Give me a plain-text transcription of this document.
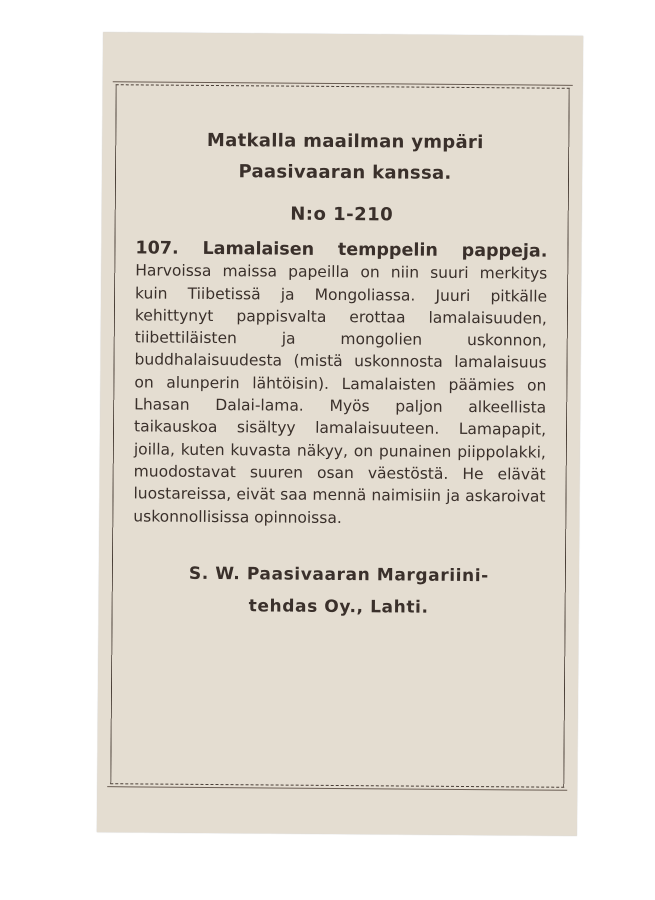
Matkalla maailman ympäri
Paasivaaran kanssa.
N:o 1-210

107. Lamalaisen temppelin pappeja. Harvoissa maissa papeilla on niin suuri merkitys kuin Tiibetissä ja Mongoliassa. Juuri pitkälle kehittynyt pappisvalta erottaa lamalaisuuden, tiibettiläisten ja mongolien uskonnon, buddhalaisuudesta (mistä uskonnosta lamalaisuus on alunperin lähtöisin). Lamalaisten päämies on Lhasan Dalai-lama. Myös paljon alkeellista taikauskoa sisältyy lamalaisuuteen. Lamapapit, joilla, kuten kuvasta näkyy, on punainen piippolakki, muodostavat suuren osan väestöstä. He elävät luostareissa, eivät saa mennä naimisiin ja askaroivat uskonnollisissa opinnoissa.

S. W. Paasivaaran Margariini-
tehdas Oy., Lahti.
